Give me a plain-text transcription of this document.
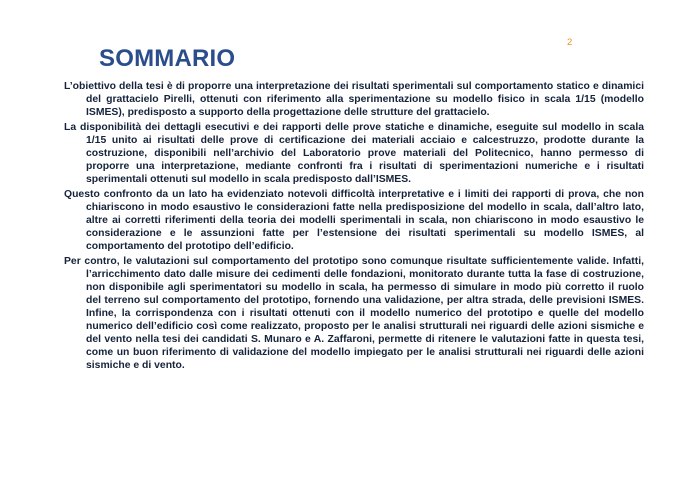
SOMMARIO
2

L’obiettivo della tesi è di proporre una interpretazione dei risultati sperimentali sul comportamento statico e dinamici del grattacielo Pirelli, ottenuti con riferimento alla sperimentazione su modello fisico in scala 1/15 (modello ISMES), predisposto a supporto della progettazione delle strutture del grattacielo.

La disponibilità dei dettagli esecutivi e dei rapporti delle prove statiche e dinamiche, eseguite sul modello in scala 1/15 unito ai risultati delle prove di certificazione dei materiali acciaio e calcestruzzo, prodotte durante la costruzione, disponibili nell’archivio del Laboratorio prove materiali del Politecnico, hanno permesso di proporre una interpretazione, mediante confronti fra i risultati di sperimentazioni numeriche e i risultati sperimentali ottenuti sul modello in scala predisposto dall’ISMES.

Questo confronto da un lato ha evidenziato notevoli difficoltà interpretative e i limiti dei rapporti di prova, che non chiariscono in modo esaustivo le considerazioni fatte nella predisposizione del modello in scala, dall’altro lato, altre ai corretti riferimenti della teoria dei modelli sperimentali in scala, non chiariscono in modo esaustivo le considerazione e le assunzioni fatte per l’estensione dei risultati sperimentali su modello ISMES, al comportamento del prototipo dell’edificio.

Per contro, le valutazioni sul comportamento del prototipo sono comunque risultate sufficientemente valide. Infatti, l’arricchimento dato dalle misure dei cedimenti delle fondazioni, monitorato durante tutta la fase di costruzione, non disponibile agli sperimentatori su modello in scala, ha permesso di simulare in modo più corretto il ruolo del terreno sul comportamento del prototipo, fornendo una validazione, per altra strada, delle previsioni ISMES. Infine, la corrispondenza con i risultati ottenuti con il modello numerico del prototipo e quelle del modello numerico dell’edificio così come realizzato, proposto per le analisi strutturali nei riguardi delle azioni sismiche e del vento nella tesi dei candidati S. Munaro e A. Zaffaroni, permette di ritenere le valutazioni fatte in questa tesi, come un buon riferimento di validazione del modello impiegato per le analisi strutturali nei riguardi delle azioni sismiche e di vento.
